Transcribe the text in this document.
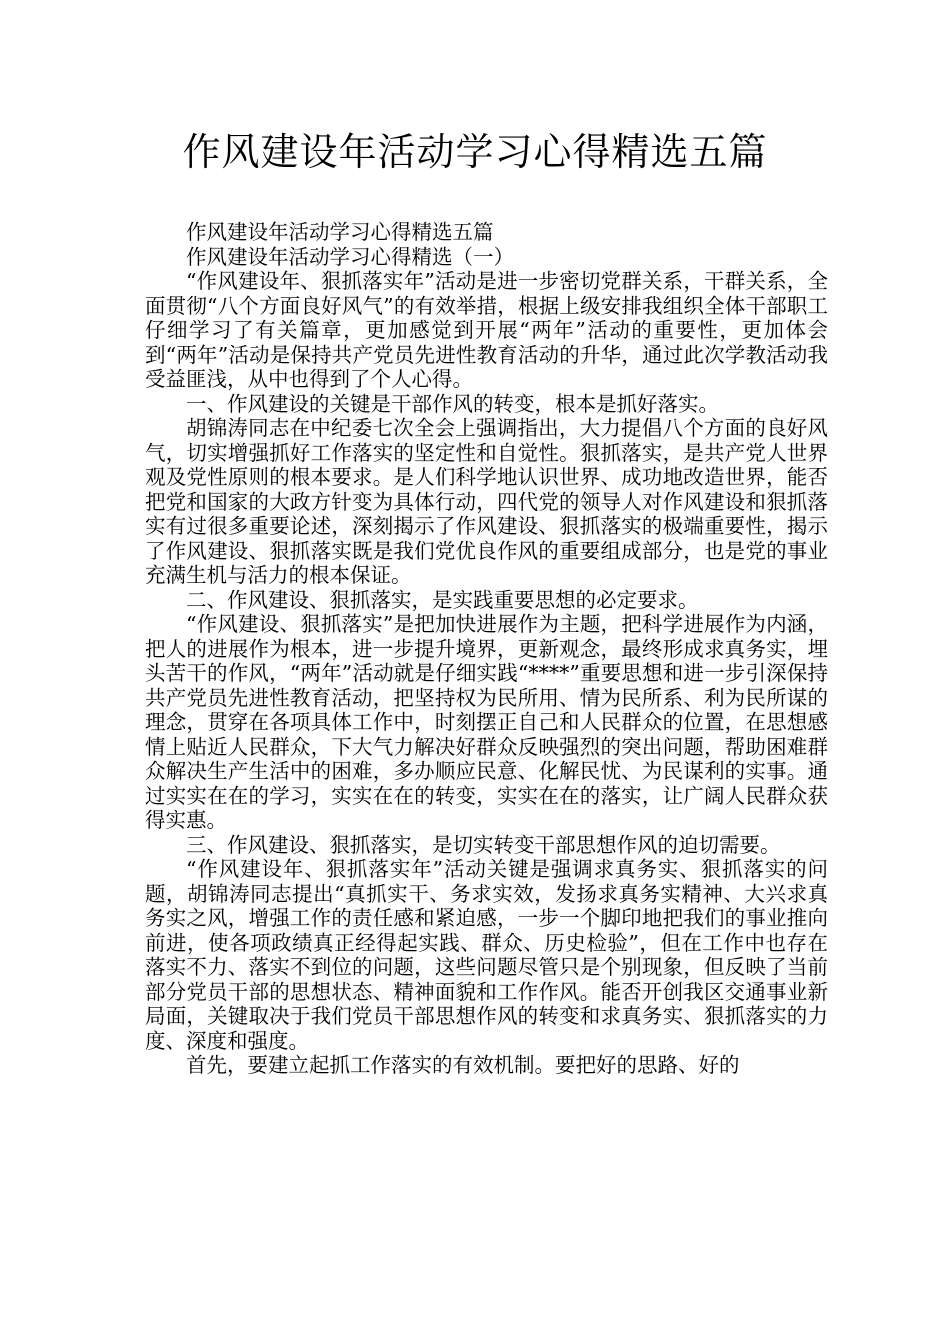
作风建设年活动学习心得精选五篇

作风建设年活动学习心得精选五篇

作风建设年活动学习心得精选（一）

“作风建设年、狠抓落实年”活动是进一步密切党群关系，干群关系，全面贯彻“八个方面良好风气”的有效举措，根据上级安排我组织全体干部职工仔细学习了有关篇章，更加感觉到开展“两年”活动的重要性，更加体会到“两年”活动是保持共产党员先进性教育活动的升华，通过此次学教活动我受益匪浅，从中也得到了个人心得。

一、作风建设的关键是干部作风的转变，根本是抓好落实。

胡锦涛同志在中纪委七次全会上强调指出，大力提倡八个方面的良好风气，切实增强抓好工作落实的坚定性和自觉性。狠抓落实，是共产党人世界观及党性原则的根本要求。是人们科学地认识世界、成功地改造世界，能否把党和国家的大政方针变为具体行动，四代党的领导人对作风建设和狠抓落实有过很多重要论述，深刻揭示了作风建设、狠抓落实的极端重要性，揭示了作风建设、狠抓落实既是我们党优良作风的重要组成部分，也是党的事业充满生机与活力的根本保证。

二、作风建设、狠抓落实，是实践重要思想的必定要求。

“作风建设、狠抓落实”是把加快进展作为主题，把科学进展作为内涵，把人的进展作为根本，进一步提升境界，更新观念，最终形成求真务实，埋头苦干的作风，“两年”活动就是仔细实践“****”重要思想和进一步引深保持共产党员先进性教育活动，把坚持权为民所用、情为民所系、利为民所谋的理念，贯穿在各项具体工作中，时刻摆正自己和人民群众的位置，在思想感情上贴近人民群众，下大气力解决好群众反映强烈的突出问题，帮助困难群众解决生产生活中的困难，多办顺应民意、化解民忧、为民谋利的实事。通过实实在在的学习，实实在在的转变，实实在在的落实，让广阔人民群众获得实惠。

三、作风建设、狠抓落实，是切实转变干部思想作风的迫切需要。

“作风建设年、狠抓落实年”活动关键是强调求真务实、狠抓落实的问题，胡锦涛同志提出“真抓实干、务求实效，发扬求真务实精神、大兴求真务实之风，增强工作的责任感和紧迫感，一步一个脚印地把我们的事业推向前进，使各项政绩真正经得起实践、群众、历史检验”，但在工作中也存在落实不力、落实不到位的问题，这些问题尽管只是个别现象，但反映了当前部分党员干部的思想状态、精神面貌和工作作风。能否开创我区交通事业新局面，关键取决于我们党员干部思想作风的转变和求真务实、狠抓落实的力度、深度和强度。

首先，要建立起抓工作落实的有效机制。要把好的思路、好的
